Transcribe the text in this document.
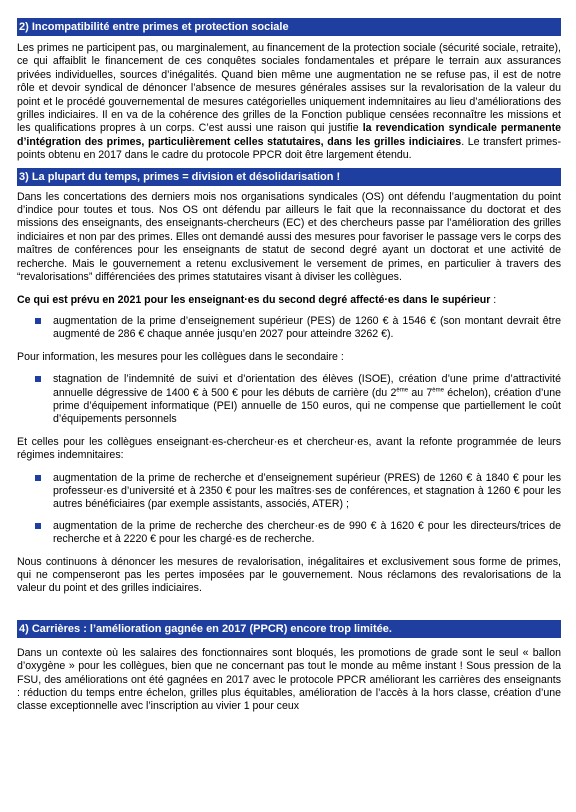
2) Incompatibilité entre primes et protection sociale

Les primes ne participent pas, ou marginalement, au financement de la protection sociale (sécurité sociale, retraite), ce qui affaiblit le financement de ces conquêtes sociales fondamentales et prépare le terrain aux assurances privées individuelles, sources d’inégalités. Quand bien même une augmentation ne se refuse pas, il est de notre rôle et devoir syndical de dénoncer l’absence de mesures générales assises sur la revalorisation de la valeur du point et le procédé gouvernemental de mesures catégorielles uniquement indemnitaires au lieu d’améliorations des grilles indiciaires. Il en va de la cohérence des grilles de la Fonction publique censées reconnaître les missions et les qualifications propres à un corps. C’est aussi une raison qui justifie la revendication syndicale permanente d’intégration des primes, particulièrement celles statutaires, dans les grilles indiciaires. Le transfert primes-points obtenu en 2017 dans le cadre du protocole PPCR doit être largement étendu.

3) La plupart du temps, primes = division et désolidarisation !

Dans les concertations des derniers mois nos organisations syndicales (OS) ont défendu l’augmentation du point d’indice pour toutes et tous. Nos OS ont défendu par ailleurs le fait que la reconnaissance du doctorat et des missions des enseignants, des enseignants-chercheurs (EC) et des chercheurs passe par l’amélioration des grilles indiciaires et non par des primes. Elles ont demandé aussi des mesures pour favoriser le passage vers le corps des maîtres de conférences pour les enseignants de statut de second degré ayant un doctorat et une activité de recherche. Mais le gouvernement a retenu exclusivement le versement de primes, en particulier à travers des “revalorisations” différenciées des primes statutaires visant à diviser les collègues.

Ce qui est prévu en 2021 pour les enseignant·es du second degré affecté·es dans le supérieur :

augmentation de la prime d’enseignement supérieur (PES) de 1260 € à 1546 € (son montant devrait être augmenté de 286 € chaque année jusqu’en 2027 pour atteindre 3262 €).

Pour information, les mesures pour les collègues dans le secondaire :

stagnation de l’indemnité de suivi et d’orientation des élèves (ISOE), création d’une prime d’attractivité annuelle dégressive de 1400 € à 500 € pour les débuts de carrière (du 2ème au 7ème échelon), création d’une prime d’équipement informatique (PEI) annuelle de 150 euros, qui ne compense que partiellement le coût d’équipements personnels

Et celles pour les collègues enseignant·es-chercheur·es et chercheur·es, avant la refonte programmée de leurs régimes indemnitaires:

augmentation de la prime de recherche et d’enseignement supérieur (PRES) de 1260 € à 1840 € pour les professeur·es d’université et à 2350 € pour les maîtres·ses de conférences, et stagnation à 1260 € pour les autres bénéficiaires (par exemple assistants, associés, ATER) ;
augmentation de la prime de recherche des chercheur·es de 990 € à 1620 € pour les directeurs/trices de recherche et à 2220 € pour les chargé·es de recherche.

Nous continuons à dénoncer les mesures de revalorisation, inégalitaires et exclusivement sous forme de primes, qui ne compenseront pas les pertes imposées par le gouvernement. Nous réclamons des revalorisations de la valeur du point et des grilles indiciaires.

4) Carrières : l’amélioration gagnée en 2017 (PPCR) encore trop limitée.

Dans un contexte où les salaires des fonctionnaires sont bloqués, les promotions de grade sont le seul « ballon d’oxygène » pour les collègues, bien que ne concernant pas tout le monde au même instant ! Sous pression de la FSU, des améliorations ont été gagnées en 2017 avec le protocole PPCR améliorant les carrières des enseignants : réduction du temps entre échelon, grilles plus équitables, amélioration de l’accès à la hors classe, création d’une classe exceptionnelle avec l’inscription au vivier 1 pour ceux
